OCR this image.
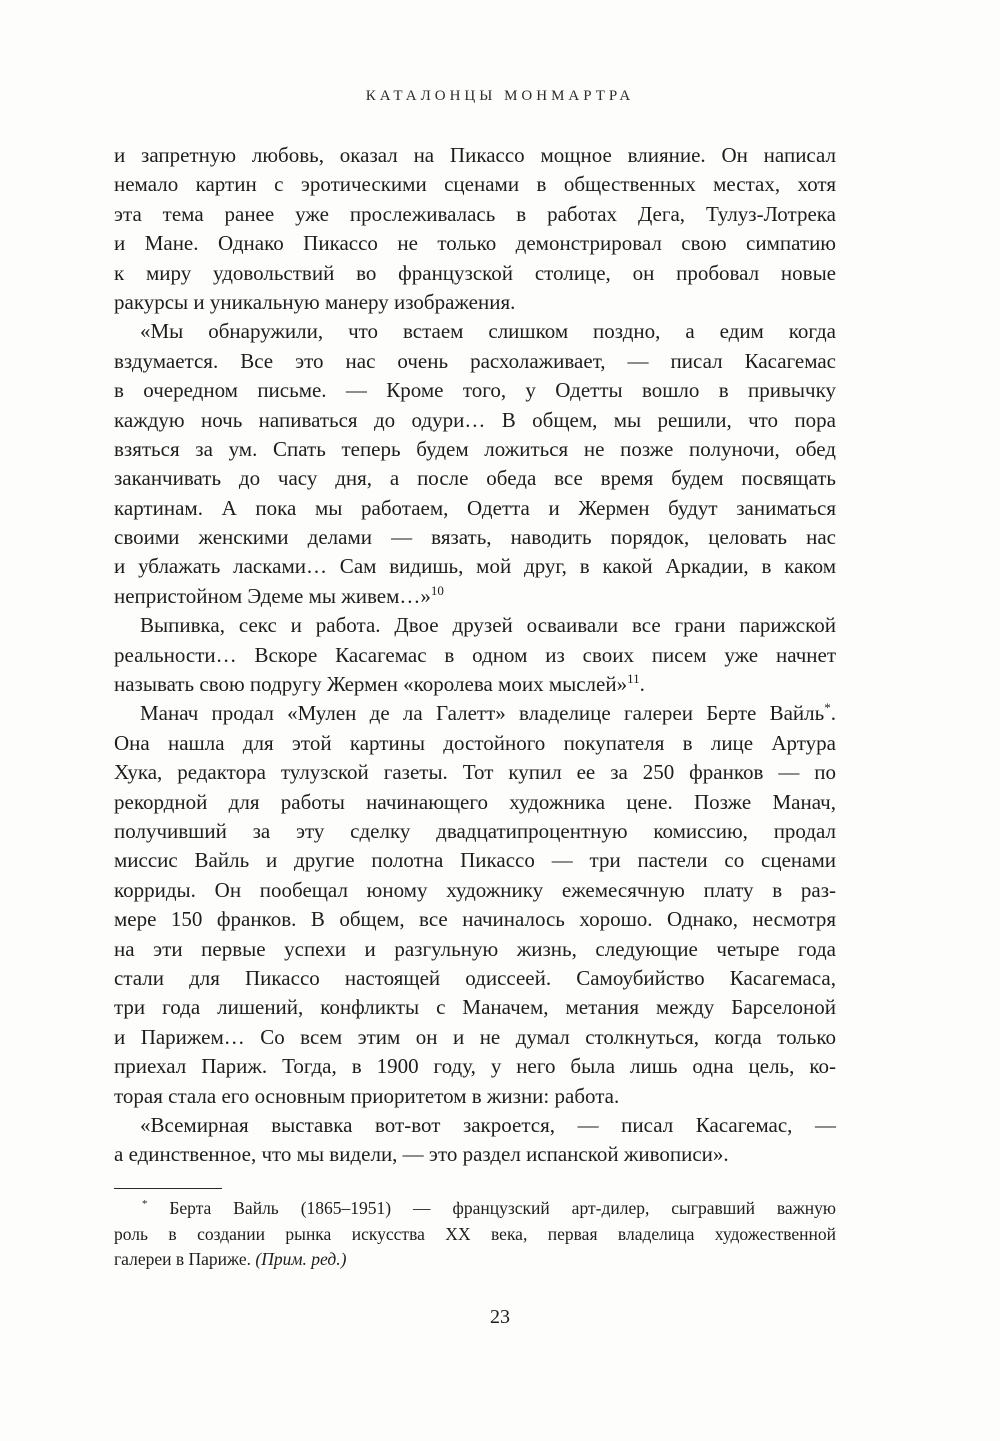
КАТАЛОНЦЫ МОНМАРТРА
и запретную любовь, оказал на Пикассо мощное влияние. Он написал
немало картин с эротическими сценами в общественных местах, хотя
эта тема ранее уже прослеживалась в работах Дега, Тулуз-Лотрека
и Мане. Однако Пикассо не только демонстрировал свою симпатию
к миру удовольствий во французской столице, он пробовал новые
ракурсы и уникальную манеру изображения.
«Мы обнаружили, что встаем слишком поздно, а едим когда
вздумается. Все это нас очень расхолаживает, — писал Касагемас
в очередном письме. — Кроме того, у Одетты вошло в привычку
каждую ночь напиваться до одури… В общем, мы решили, что пора
взяться за ум. Спать теперь будем ложиться не позже полуночи, обед
заканчивать до часу дня, а после обеда все время будем посвящать
картинам. А пока мы работаем, Одетта и Жермен будут заниматься
своими женскими делами — вязать, наводить порядок, целовать нас
и ублажать ласками… Сам видишь, мой друг, в какой Аркадии, в каком
непристойном Эдеме мы живем…»$^{10}$
Выпивка, секс и работа. Двое друзей осваивали все грани парижской
реальности… Вскоре Касагемас в одном из своих писем уже начнет
называть свою подругу Жермен «королева моих мыслей»$^{11}$.
Манач продал «Мулен де ла Галетт» владелице галереи Берте Вайль*.
Она нашла для этой картины достойного покупателя в лице Артура
Хука, редактора тулузской газеты. Тот купил ее за 250 франков — по
рекордной для работы начинающего художника цене. Позже Манач,
получивший за эту сделку двадцатипроцентную комиссию, продал
миссис Вайль и другие полотна Пикассо — три пастели со сценами
корриды. Он пообещал юному художнику ежемесячную плату в раз-
мере 150 франков. В общем, все начиналось хорошо. Однако, несмотря
на эти первые успехи и разгульную жизнь, следующие четыре года
стали для Пикассо настоящей одиссеей. Самоубийство Касагемаса,
три года лишений, конфликты с Маначем, метания между Барселоной
и Парижем… Со всем этим он и не думал столкнуться, когда только
приехал Париж. Тогда, в 1900 году, у него была лишь одна цель, ко-
торая стала его основным приоритетом в жизни: работа.
«Всемирная выставка вот-вот закроется, — писал Касагемас, —
а единственное, что мы видели, — это раздел испанской живописи».
* Берта Вайль (1865–1951) — французский арт-дилер, сыгравший важную
роль в создании рынка искусства XX века, первая владелица художественной
галереи в Париже. (Прим. ред.)
23
